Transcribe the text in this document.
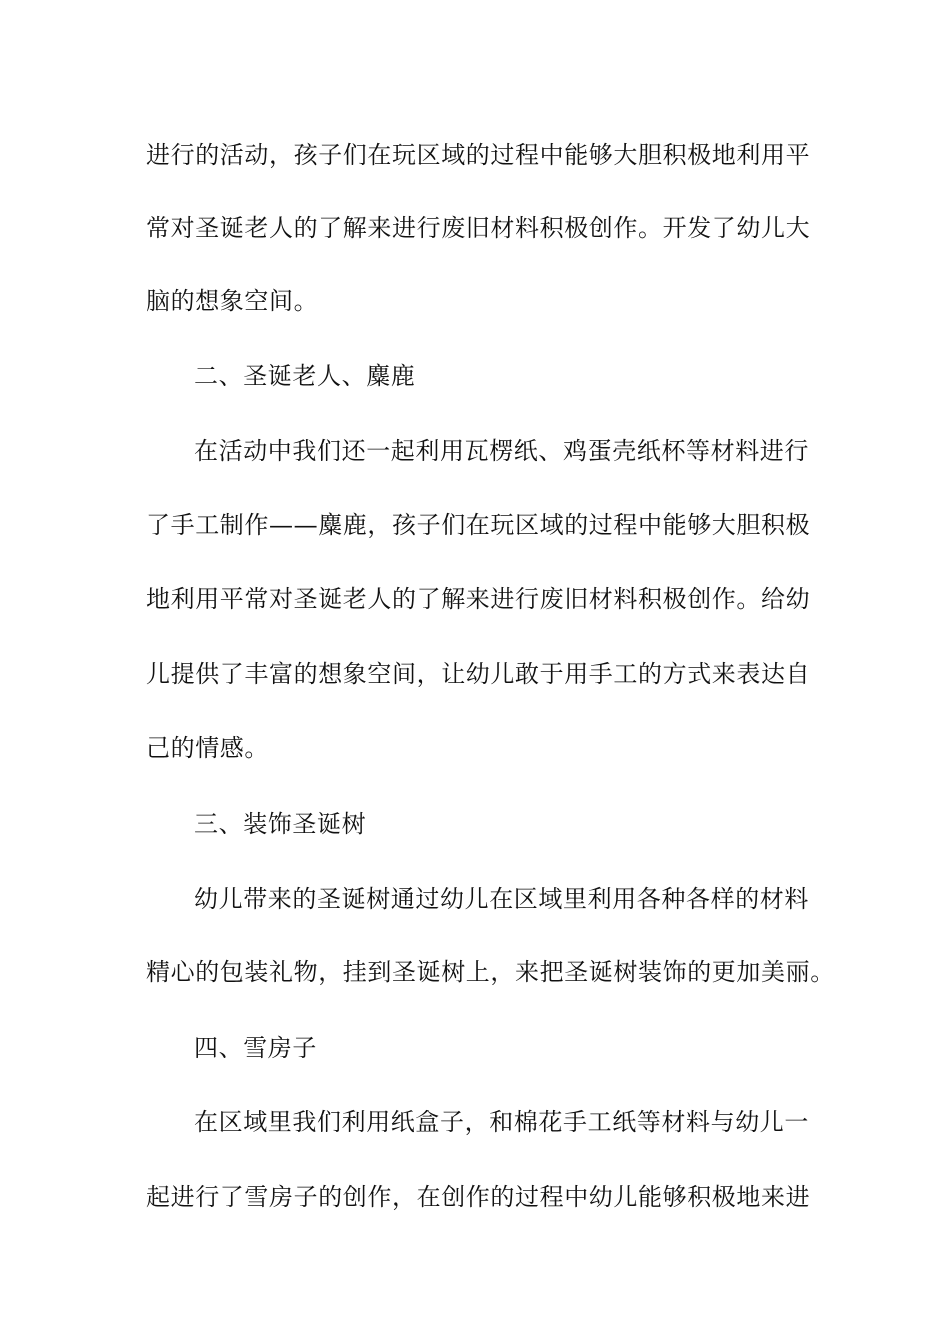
进行的活动，孩子们在玩区域的过程中能够大胆积极地利用平
常对圣诞老人的了解来进行废旧材料积极创作。开发了幼儿大
脑的想象空间。
二、圣诞老人、麋鹿
在活动中我们还一起利用瓦楞纸、鸡蛋壳纸杯等材料进行
了手工制作——麋鹿，孩子们在玩区域的过程中能够大胆积极
地利用平常对圣诞老人的了解来进行废旧材料积极创作。给幼
儿提供了丰富的想象空间，让幼儿敢于用手工的方式来表达自
己的情感。
三、装饰圣诞树
幼儿带来的圣诞树通过幼儿在区域里利用各种各样的材料
精心的包装礼物，挂到圣诞树上，来把圣诞树装饰的更加美丽。
四、雪房子
在区域里我们利用纸盒子，和棉花手工纸等材料与幼儿一
起进行了雪房子的创作，在创作的过程中幼儿能够积极地来进
